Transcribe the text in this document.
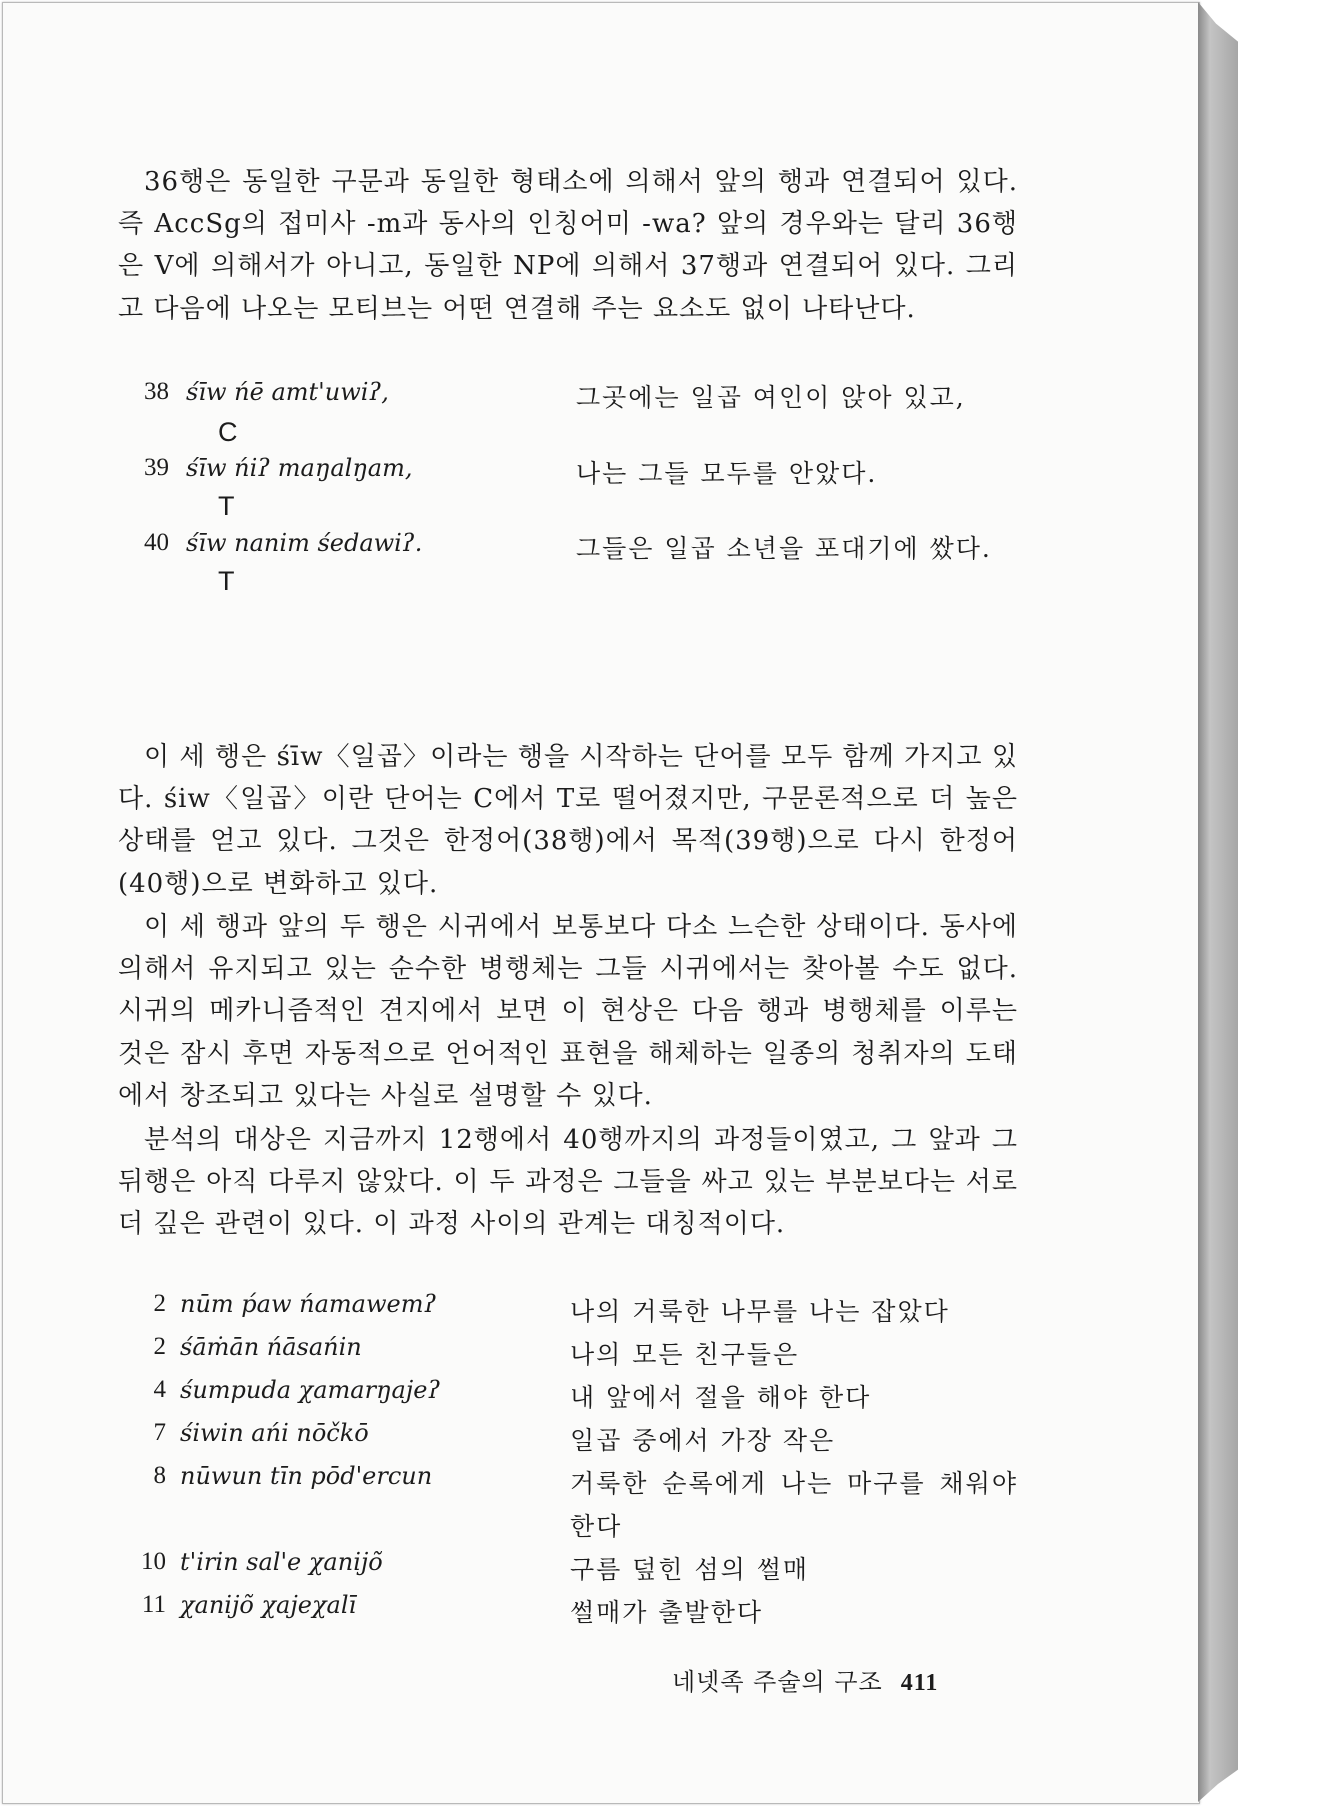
36행은 동일한 구문과 동일한 형태소에 의해서 앞의 행과 연결되어 있다. 즉 AccSg의 접미사 -m과 동사의 인칭어미 -wa? 앞의 경우와는 달리 36행은 V에 의해서가 아니고, 동일한 NP에 의해서 37행과 연결되어 있다. 그리고 다음에 나오는 모티브는 어떤 연결해 주는 요소도 없이 나타난다.

38 śīw ńē amt'uwiʔ,	그곳에는 일곱 여인이 앉아 있고,
C
39 śīw ńiʔ maŋalŋam,	나는 그들 모두를 안았다.
T
40 śīw nanim śedawiʔ.	그들은 일곱 소년을 포대기에 쌌다.
T

이 세 행은 śīw〈일곱〉이라는 행을 시작하는 단어를 모두 함께 가지고 있다. śiw〈일곱〉이란 단어는 C에서 T로 떨어졌지만, 구문론적으로 더 높은 상태를 얻고 있다. 그것은 한정어(38행)에서 목적(39행)으로 다시 한정어(40행)으로 변화하고 있다.

이 세 행과 앞의 두 행은 시귀에서 보통보다 다소 느슨한 상태이다. 동사에 의해서 유지되고 있는 순수한 병행체는 그들 시귀에서는 찾아볼 수도 없다. 시귀의 메카니즘적인 견지에서 보면 이 현상은 다음 행과 병행체를 이루는 것은 잠시 후면 자동적으로 언어적인 표현을 해체하는 일종의 청취자의 도태에서 창조되고 있다는 사실로 설명할 수 있다.

분석의 대상은 지금까지 12행에서 40행까지의 과정들이였고, 그 앞과 그 뒤행은 아직 다루지 않았다. 이 두 과정은 그들을 싸고 있는 부분보다는 서로 더 깊은 관련이 있다. 이 과정 사이의 관계는 대칭적이다.

2 nūm ṕaw ńamawemʔ	나의 거룩한 나무를 나는 잡았다
2 śāṁān ńāsańin	나의 모든 친구들은
4 śumpuda χamarŋajeʔ	내 앞에서 절을 해야 한다
7 śiwin ańi nōčkō	일곱 중에서 가장 작은
8 nūwun tīn pōd'ercun	거룩한 순록에게 나는 마구를 채워야 한다
10 t'irin sal'e χanijõ	구름 덮힌 섬의 썰매
11 χanijõ χajeχalī	썰매가 출발한다
네넷족 주술의 구조 411
